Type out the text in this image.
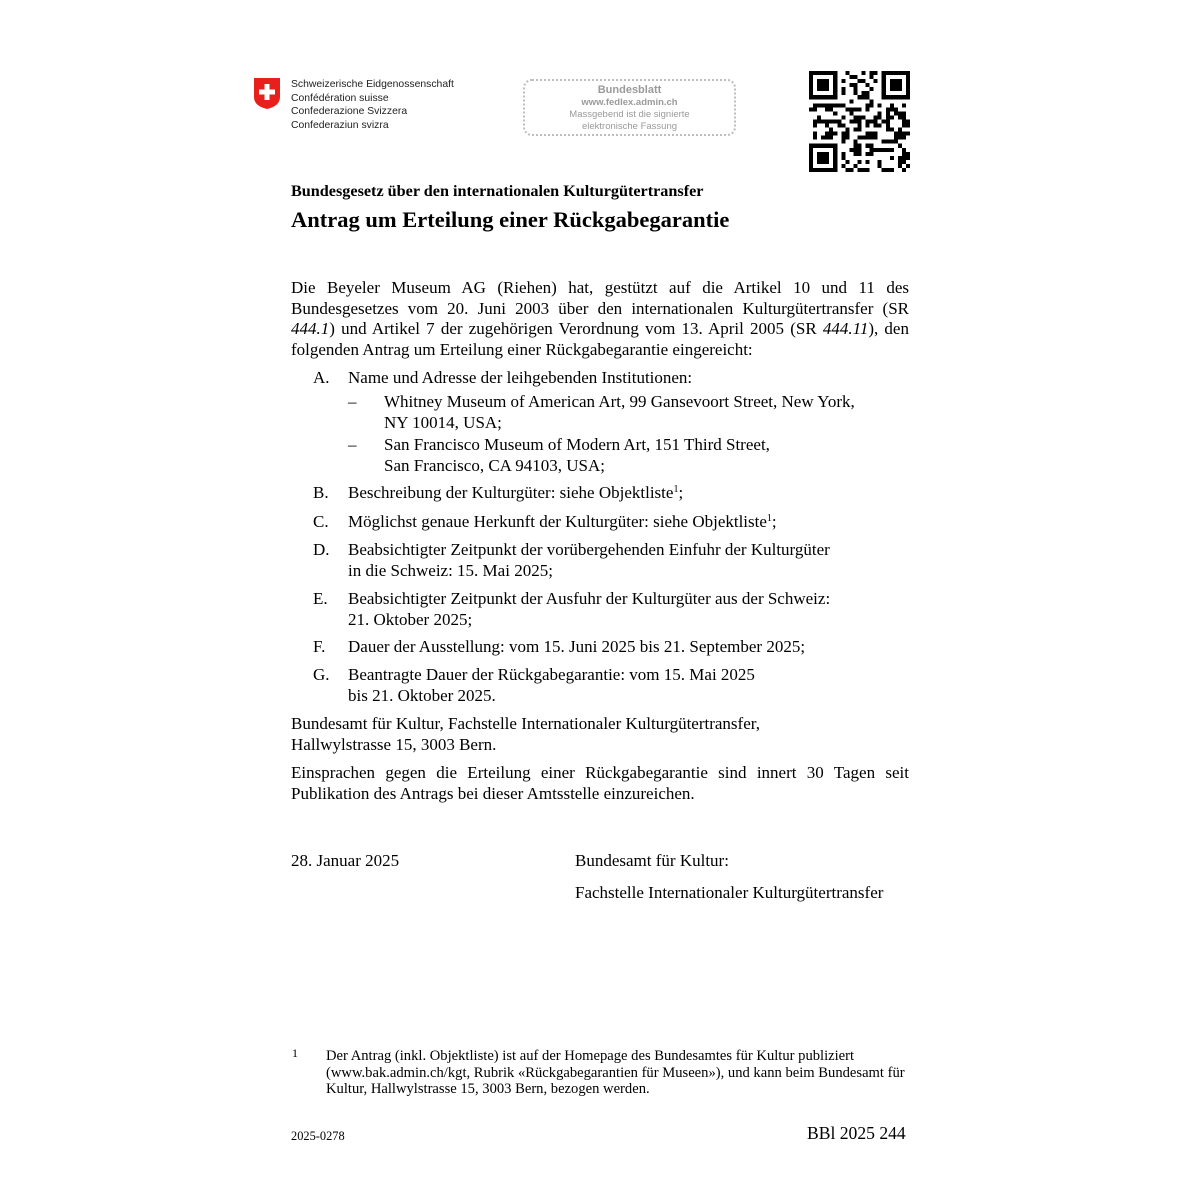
Schweizerische Eidgenossenschaft
Confédération suisse
Confederazione Svizzera
Confederaziun svizra
Bundesblatt
www.fedlex.admin.ch
Massgebend ist die signierte
elektronische Fassung
Bundesgesetz über den internationalen Kulturgütertransfer
Antrag um Erteilung einer Rückgabegarantie
Die Beyeler Museum AG (Riehen) hat, gestützt auf die Artikel 10 und 11 des Bundesgesetzes vom 20. Juni 2003 über den internationalen Kulturgütertransfer (SR 444.1) und Artikel 7 der zugehörigen Verordnung vom 13. April 2005 (SR 444.11), den folgenden Antrag um Erteilung einer Rückgabegarantie eingereicht:
A. Name und Adresse der leihgebenden Institutionen:
– Whitney Museum of American Art, 99 Gansevoort Street, New York,
NY 10014, USA;
– San Francisco Museum of Modern Art, 151 Third Street,
San Francisco, CA 94103, USA;
B. Beschreibung der Kulturgüter: siehe Objektliste$^1$;
C. Möglichst genaue Herkunft der Kulturgüter: siehe Objektliste$^1$;
D. Beabsichtigter Zeitpunkt der vorübergehenden Einfuhr der Kulturgüter
in die Schweiz: 15. Mai 2025;
E. Beabsichtigter Zeitpunkt der Ausfuhr der Kulturgüter aus der Schweiz:
21. Oktober 2025;
F. Dauer der Ausstellung: vom 15. Juni 2025 bis 21. September 2025;
G. Beantragte Dauer der Rückgabegarantie: vom 15. Mai 2025
bis 21. Oktober 2025.
Bundesamt für Kultur, Fachstelle Internationaler Kulturgütertransfer,
Hallwylstrasse 15, 3003 Bern.
Einsprachen gegen die Erteilung einer Rückgabegarantie sind innert 30 Tagen seit Publikation des Antrags bei dieser Amtsstelle einzureichen.
28. Januar 2025	Bundesamt für Kultur:
Fachstelle Internationaler Kulturgütertransfer
1 Der Antrag (inkl. Objektliste) ist auf der Homepage des Bundesamtes für Kultur publiziert (www.bak.admin.ch/kgt, Rubrik «Rückgabegarantien für Museen»), und kann beim Bundesamt für Kultur, Hallwylstrasse 15, 3003 Bern, bezogen werden.
2025-0278	BBl 2025 244
